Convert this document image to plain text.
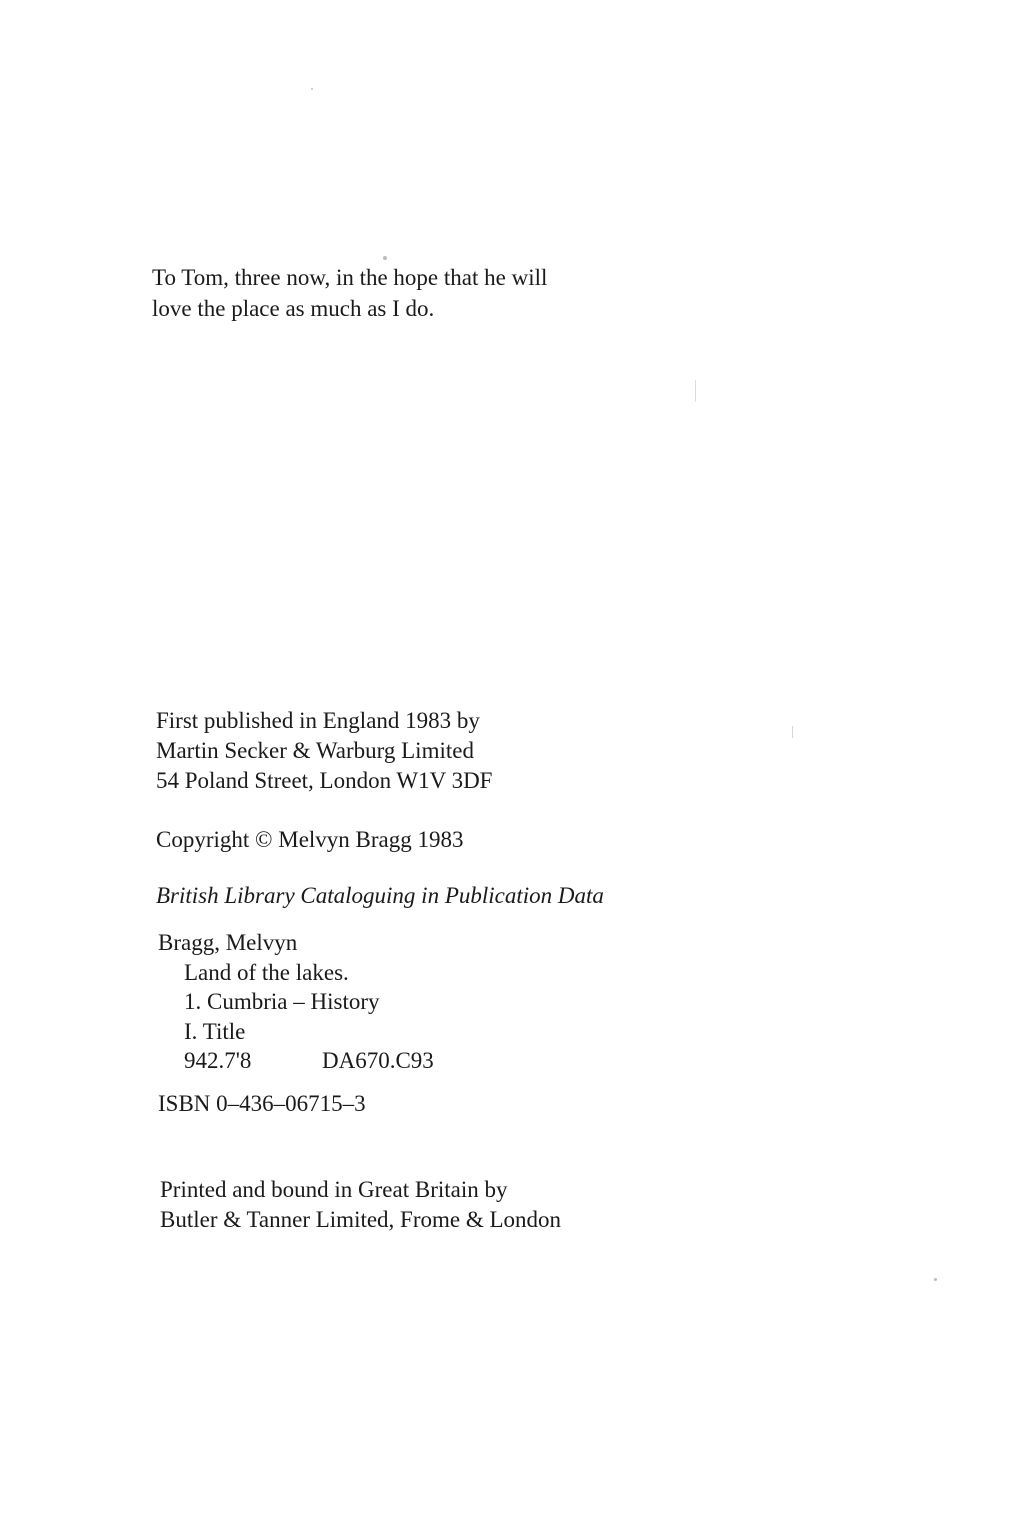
To Tom, three now, in the hope that he will
love the place as much as I do.
First published in England 1983 by
Martin Secker & Warburg Limited
54 Poland Street, London W1V 3DF
Copyright © Melvyn Bragg 1983
British Library Cataloguing in Publication Data
Bragg, Melvyn
Land of the lakes.
1. Cumbria – History
I. Title
942.7'8	DA670.C93
ISBN 0–436–06715–3
Printed and bound in Great Britain by
Butler & Tanner Limited, Frome & London
